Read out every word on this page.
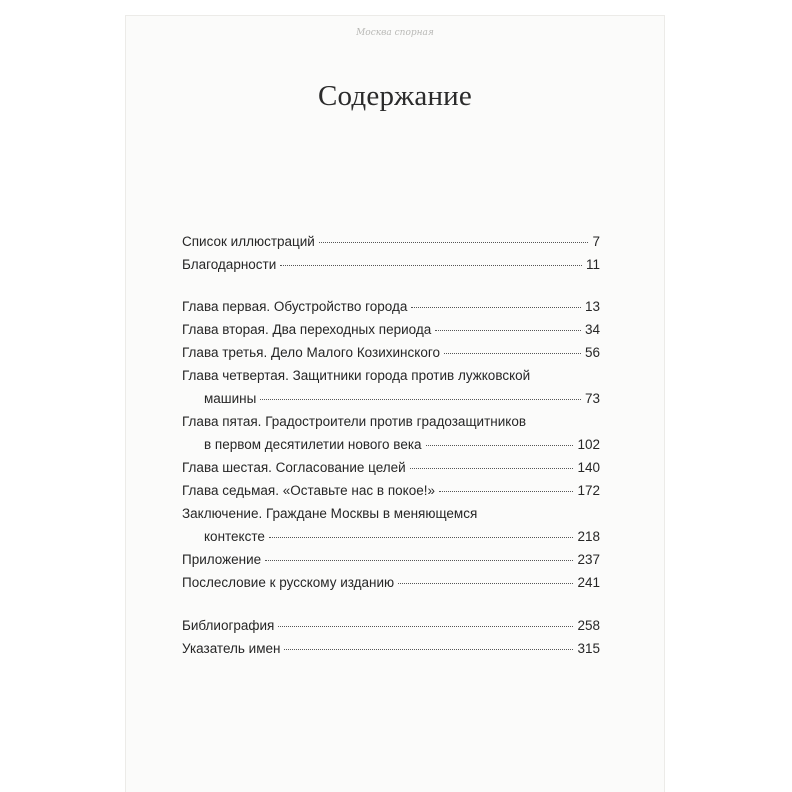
Москва спорная

Содержание
Список иллюстраций	7
Благодарности	11
Глава первая. Обустройство города	13
Глава вторая. Два переходных периода	34
Глава третья. Дело Малого Козихинского	56
Глава четвертая. Защитники города против лужковской
машины	73
Глава пятая. Градостроители против градозащитников
в первом десятилетии нового века	102
Глава шестая. Согласование целей	140
Глава седьмая. «Оставьте нас в покое!»	172
Заключение. Граждане Москвы в меняющемся
контексте	218
Приложение	237
Послесловие к русскому изданию	241
Библиография	258
Указатель имен	315
